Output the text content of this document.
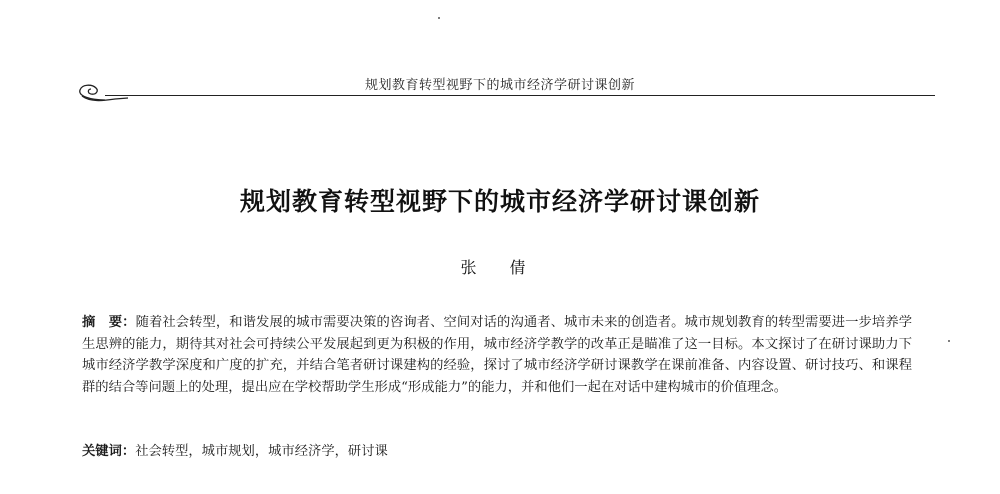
规划教育转型视野下的城市经济学研讨课创新
规划教育转型视野下的城市经济学研讨课创新
张 倩
摘　要：随着社会转型，和谐发展的城市需要决策的咨询者、空间对话的沟通者、城市未来的创造者。城市规划教育的转型需要进一步培养学生思辨的能力，期待其对社会可持续公平发展起到更为积极的作用，城市经济学教学的改革正是瞄准了这一目标。本文探讨了在研讨课助力下城市经济学教学深度和广度的扩充，并结合笔者研讨课建构的经验，探讨了城市经济学研讨课教学在课前准备、内容设置、研讨技巧、和课程群的结合等问题上的处理，提出应在学校帮助学生形成“形成能力”的能力，并和他们一起在对话中建构城市的价值理念。
关键词：社会转型，城市规划，城市经济学，研讨课
